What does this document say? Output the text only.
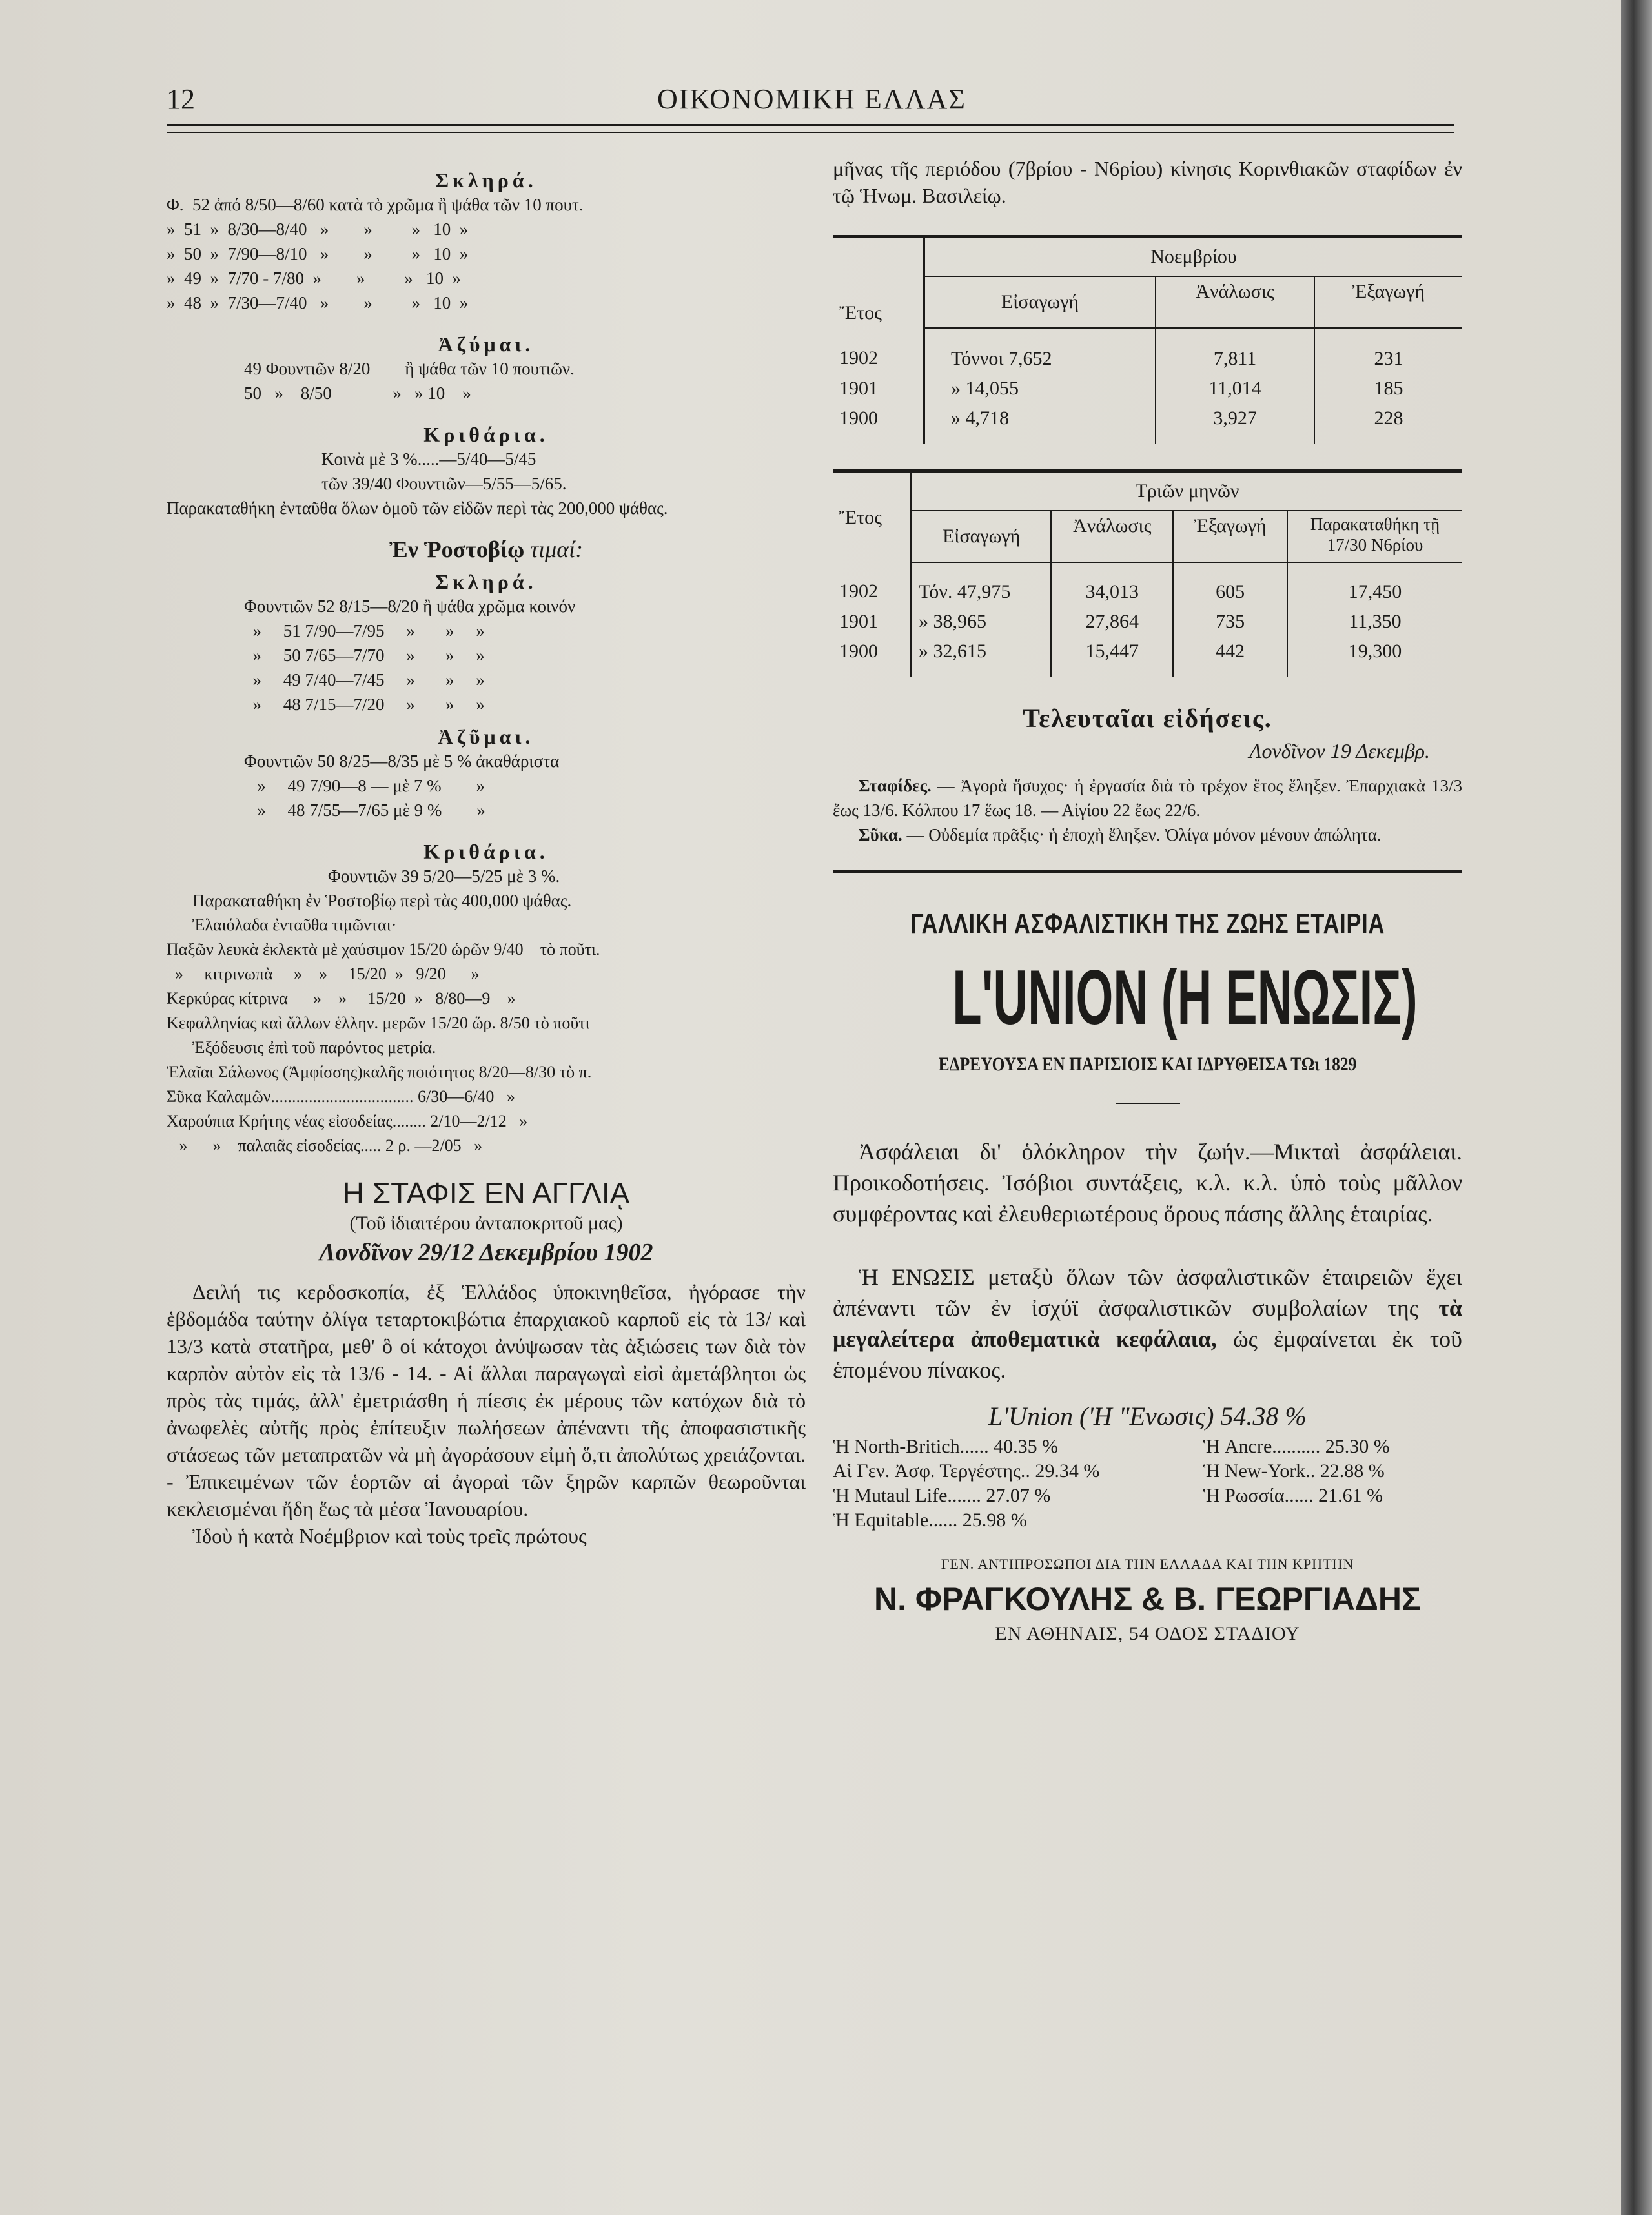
12	ΟΙΚΟΝΟΜΙΚΗ ΕΛΛΑΣ
Σκληρά.
Φ.  52 ἀπό 8/50—8/60 κατὰ τὸ χρῶμα ἢ ψάθα τῶν 10 πουτ.
»  51  »  8/30—8/40   »        »         »   10  »
»  50  »  7/90—8/10   »        »         »   10  »
»  49  »  7/70 - 7/80  »        »         »   10  »
»  48  »  7/30—7/40   »        »         »   10  »
Ἀζύμαι.
49 Φουντιῶν 8/20        ἢ ψάθα τῶν 10 πουτιῶν.
50   »    8/50              »   » 10    »
Κριθάρια.
Κοινὰ μὲ 3 %.....—5/40—5/45
τῶν 39/40 Φουντιῶν—5/55—5/65.
Παρακαταθήκη ἐνταῦθα ὅλων ὁμοῦ τῶν εἰδῶν περὶ τὰς 200,000 ψάθας.
Ἐν Ῥοστοβίῳ τιμαί:
Σκληρά.
Φουντιῶν 52 8/15—8/20 ἢ ψάθα χρῶμα κοινόν
»     51 7/90—7/95     »       »     »
»     50 7/65—7/70     »       »     »
»     49 7/40—7/45     »       »     »
»     48 7/15—7/20     »       »     »
Ἀζῦμαι.
Φουντιῶν 50 8/25—8/35 μὲ 5 % ἀκαθάριστα
»     49 7/90—8 — μὲ 7 %        »
»     48 7/55—7/65 μὲ 9 %        »
Κριθάρια.
Φουντιῶν 39 5/20—5/25 μὲ 3 %.
Παρακαταθήκη ἐν Ῥοστοβίῳ περὶ τὰς 400,000 ψάθας.
Ἐλαιόλαδα ἐνταῦθα τιμῶνται·
Παξῶν λευκὰ ἐκλεκτὰ μὲ χαύσιμον 15/20 ὡρῶν 9/40    τὸ ποῦτι.
»     κιτρινωπὰ     »    »     15/20  »   9/20      »
Κερκύρας κίτρινα      »    »     15/20  »   8/80—9    »
Κεφαλληνίας καὶ ἄλλων ἑλλην. μερῶν 15/20 ὥρ. 8/50 τὸ ποῦτι
Ἐξόδευσις ἐπὶ τοῦ παρόντος μετρία.
Ἐλαῖαι Σάλωνος (Ἀμφίσσης)καλῆς ποιότητος 8/20—8/30 τὸ π.
Σῦκα Καλαμῶν.................................. 6/30—6/40   »
Χαρούπια Κρήτης νέας εἰσοδείας........ 2/10—2/12   »
»      »    παλαιᾶς εἰσοδείας..... 2 ρ. —2/05   »
Η ΣΤΑΦΙΣ ΕΝ ΑΓΓΛΙᾼ
(Τοῦ ἰδιαιτέρου ἀνταποκριτοῦ μας)
Λονδῖνον 29/12 Δεκεμβρίου 1902
Δειλή τις κερδοσκοπία, ἐξ Ἑλλάδος ὑποκινηθεῖσα, ἠγόρασε τὴν ἑβδομάδα ταύτην ὀλίγα τεταρτοκιβώτια ἐπαρχιακοῦ καρποῦ εἰς τὰ 13/ καὶ 13/3 κατὰ στατῆρα, μεθ' ὃ οἱ κάτοχοι ἀνύψωσαν τὰς ἀξιώσεις των διὰ τὸν καρπὸν αὐτὸν εἰς τὰ 13/6 - 14. - Αἱ ἄλλαι παραγωγαὶ εἰσὶ ἀμετάβλητοι ὡς πρὸς τὰς τιμάς, ἀλλ' ἐμετριάσθη ἡ πίεσις ἐκ μέρους τῶν κατόχων διὰ τὸ ἀνωφελὲς αὐτῆς πρὸς ἐπίτευξιν πωλήσεων ἀπέναντι τῆς ἀποφασιστικῆς στάσεως τῶν μεταπρατῶν νὰ μὴ ἀγοράσουν εἰμὴ ὅ,τι ἀπολύτως χρειάζονται. - Ἐπικειμένων τῶν ἑορτῶν αἱ ἀγοραὶ τῶν ξηρῶν καρπῶν θεωροῦνται κεκλεισμέναι ἤδη ἕως τὰ μέσα Ἰανουαρίου.
Ἰδοὺ ἡ κατὰ Νοέμβριον καὶ τοὺς τρεῖς πρώτους
μῆνας τῆς περιόδου (7βρίου - Ν6ρίου) κίνησις Κορινθιακῶν σταφίδων ἐν τῷ Ἡνωμ. Βασιλείῳ.
Ἔτος	Νοεμβρίου		
	Εἰσαγωγή	Ἀνάλωσις	Ἐξαγωγή
1902	Τόννοι 7,652	7,811	231
1901	» 14,055	11,014	185
1900	» 4,718	3,927	228
Ἔτος	Τριῶν μηνῶν			
	Εἰσαγωγή	Ἀνάλωσις	Ἐξαγωγή	Παρακαταθήκη τῇ 17/30 Ν6ρίου
1902	Τόν. 47,975	34,013	605	17,450
1901	» 38,965	27,864	735	11,350
1900	» 32,615	15,447	442	19,300
Τελευταῖαι εἰδήσεις.
Λονδῖνον 19 Δεκεμβρ.
Σταφίδες. — Ἀγορὰ ἥσυχος· ἡ ἐργασία διὰ τὸ τρέχον ἔτος ἔληξεν. Ἐπαρχιακὰ 13/3 ἕως 13/6. Κόλπου 17 ἕως 18. — Αἰγίου 22 ἕως 22/6.
Σῦκα. — Οὐδεμία πρᾶξις· ἡ ἐποχὴ ἔληξεν. Ὀλίγα μόνον μένουν ἀπώλητα.
ΓΑΛΛΙΚΗ ΑΣΦΑΛΙΣΤΙΚΗ ΤΗΣ ΖΩΗΣ ΕΤΑΙΡΙΑ
L'UNION (Η ΕΝΩΣΙΣ)
ΕΔΡΕΥΟΥΣΑ ΕΝ ΠΑΡΙΣΙΟΙΣ ΚΑΙ ΙΔΡΥΘΕΙΣΑ ΤΩι 1829
Ἀσφάλειαι δι' ὁλόκληρον τὴν ζωήν.—Μικταὶ ἀσφάλειαι. Προικοδοτήσεις. Ἰσόβιοι συντάξεις, κ.λ. κ.λ. ὑπὸ τοὺς μᾶλλον συμφέροντας καὶ ἐλευθεριωτέρους ὅρους πάσης ἄλλης ἑταιρίας.
Ἡ ΕΝΩΣΙΣ μεταξὺ ὅλων τῶν ἀσφαλιστικῶν ἑταιρειῶν ἔχει ἀπέναντι τῶν ἐν ἰσχύϊ ἀσφαλιστικῶν συμβολαίων της τὰ μεγαλείτερα ἀποθεματικὰ κεφάλαια, ὡς ἐμφαίνεται ἐκ τοῦ ἑπομένου πίνακος.
L'Union ('Η "Ενωσις) 54.38 %
Ἡ North-Britich...... 40.35 %	Ἡ Ancre.......... 25.30 %
Αἱ Γεν. Ἀσφ. Τεργέστης.. 29.34 %	Ἡ New-York.. 22.88 %
Ἡ Mutaul Life....... 27.07 %	Ἡ Ρωσσία...... 21.61 %
Ἡ Equitable...... 25.98 %	
ΓΕΝ. ΑΝΤΙΠΡΟΣΩΠΟΙ ΔΙΑ ΤΗΝ ΕΛΛΑΔΑ ΚΑΙ ΤΗΝ ΚΡΗΤΗΝ
Ν. ΦΡΑΓΚΟΥΛΗΣ & Β. ΓΕΩΡΓΙΑΔΗΣ
ΕΝ ΑΘΗΝΑΙΣ, 54 ΟΔΟΣ ΣΤΑΔΙΟΥ
